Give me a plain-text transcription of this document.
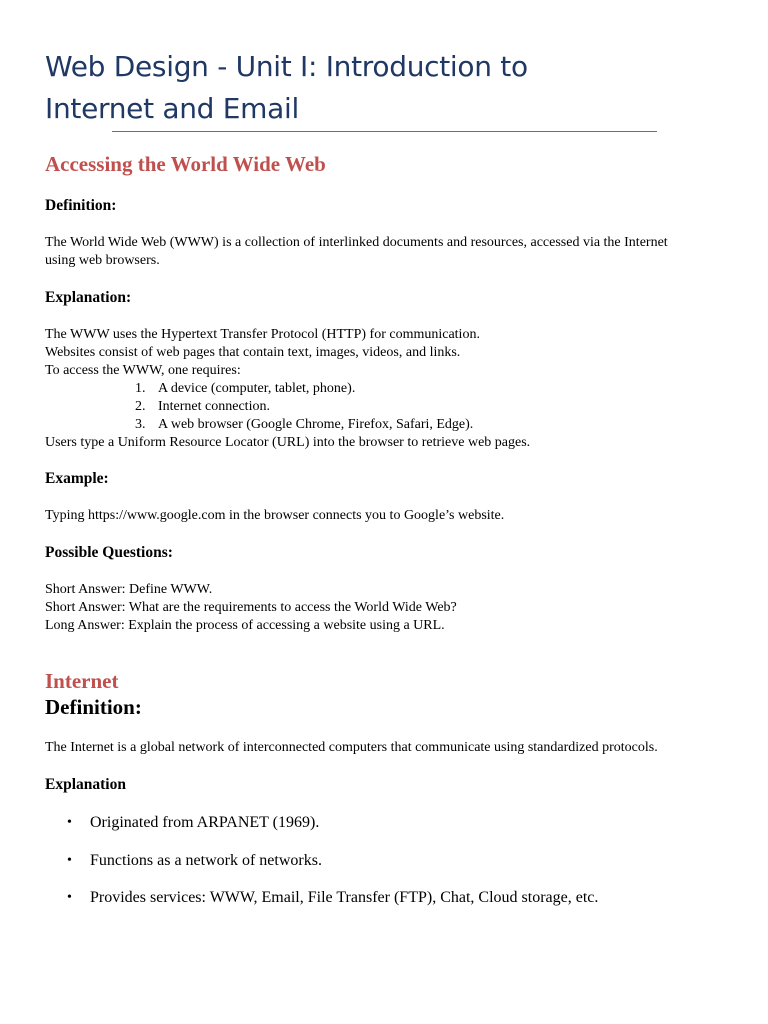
Web Design - Unit I: Introduction to
Internet and Email
Accessing the World Wide Web
Definition:

The World Wide Web (WWW) is a collection of interlinked documents and resources, accessed via the Internet
using web browsers.

Explanation:
The WWW uses the Hypertext Transfer Protocol (HTTP) for communication.
Websites consist of web pages that contain text, images, videos, and links.
To access the WWW, one requires:
1. A device (computer, tablet, phone).
2. Internet connection.
3. A web browser (Google Chrome, Firefox, Safari, Edge).
Users type a Uniform Resource Locator (URL) into the browser to retrieve web pages.
Example:

Typing https://www.google.com in the browser connects you to Google’s website.

Possible Questions:
Short Answer: Define WWW.
Short Answer: What are the requirements to access the World Wide Web?
Long Answer: Explain the process of accessing a website using a URL.
Internet
Definition:

The Internet is a global network of interconnected computers that communicate using standardized protocols.

Explanation
• Originated from ARPANET (1969).
• Functions as a network of networks.
• Provides services: WWW, Email, File Transfer (FTP), Chat, Cloud storage, etc.
